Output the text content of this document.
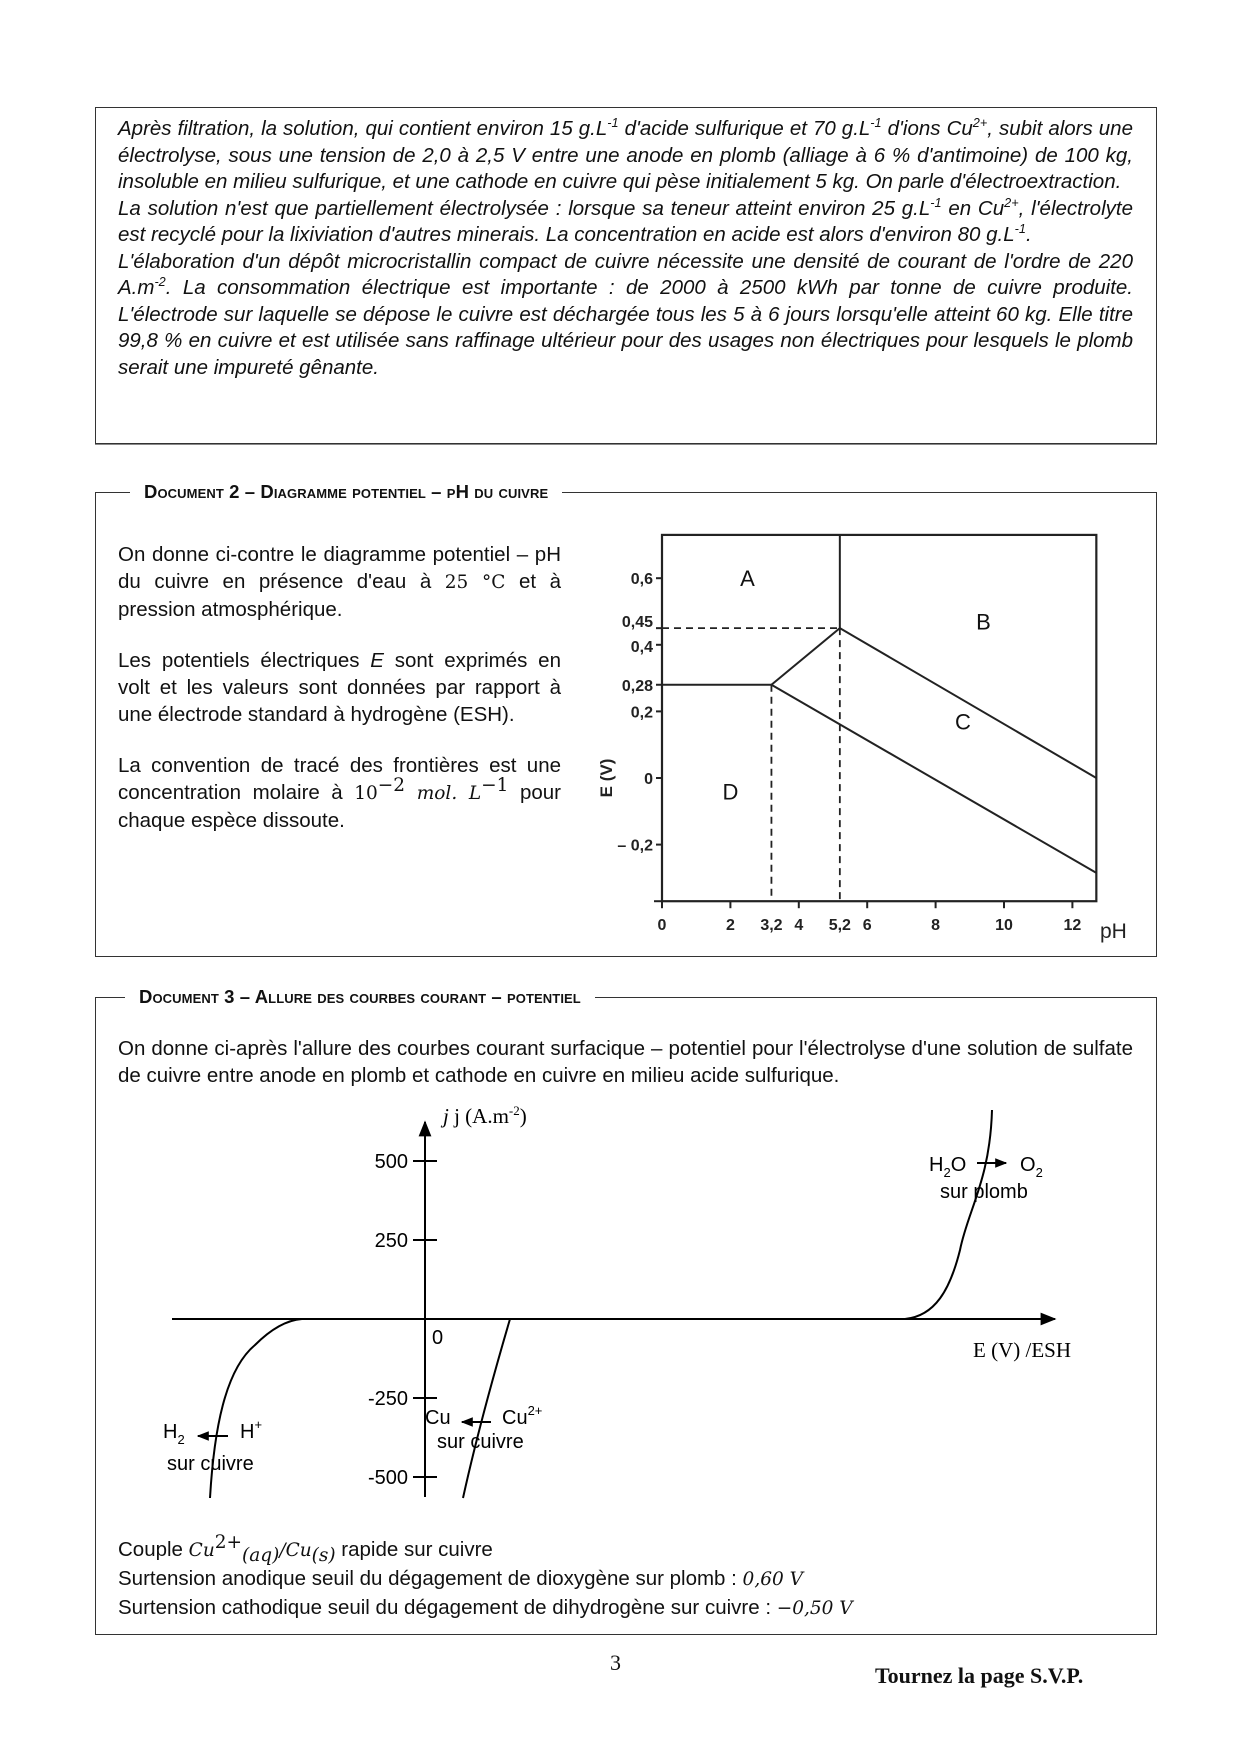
Après filtration, la solution, qui contient environ 15 $g.L^{-1}$ d'acide sulfurique et 70 $g.L^{-1}$ d'ions $Cu^{2+}$, subit alors une électrolyse, sous une tension de 2,0 à 2,5 V entre une anode en plomb (alliage à 6 % d'antimoine) de 100 kg, insoluble en milieu sulfurique, et une cathode en cuivre qui pèse initialement 5 kg. On parle d'électroextraction.

La solution n'est que partiellement électrolysée : lorsque sa teneur atteint environ 25 $g.L^{-1}$ en $Cu^{2+}$, l'électrolyte est recyclé pour la lixiviation d'autres minerais. La concentration en acide est alors d'environ 80 $g.L^{-1}$.

L'élaboration d'un dépôt microcristallin compact de cuivre nécessite une densité de courant de l'ordre de 220 $A.m^{-2}$. La consommation électrique est importante : de 2000 à 2500 kWh par tonne de cuivre produite. L'électrode sur laquelle se dépose le cuivre est déchargée tous les 5 à 6 jours lorsqu'elle atteint 60 kg. Elle titre 99,8 % en cuivre et est utilisée sans raffinage ultérieur pour des usages non électriques pour lesquels le plomb serait une impureté gênante.

Document 2 – Diagramme potentiel – pH du cuivre

On donne ci-contre le diagramme potentiel – pH du cuivre en présence d'eau à 25 °C et à pression atmosphérique.

Les potentiels électriques E sont exprimés en volt et les valeurs sont données par rapport à une électrode standard à hydrogène (ESH).

La convention de tracé des frontières est une concentration molaire à $10^{-2}$ mol. $L^{-1}$ pour chaque espèce dissoute.

0	2 3,2 4 5,2 6	8	10	12
0,6
0,45
0,4
0,28
0,2
0
– 0,2
A
B
C
D
E (V)
pH
Document 3 – Allure des courbes courant – potentiel
On donne ci-après l'allure des courbes courant surfacique – potentiel pour l'électrolyse d'une solution de sulfate de cuivre entre anode en plomb et cathode en cuivre en milieu acide sulfurique.
500
250
0
-250
-500
j j $(A.m^{-2})$
E (V) /ESH
$H_2$	H+
sur cuivre
Cu	$Cu^{2+}$
sur cuivre
$H_2O$	$O_2$
sur plomb
Couple $Cu^{2+}_{(aq)}/Cu_{(s)}$ rapide sur cuivre
Surtension anodique seuil du dégagement de dioxygène sur plomb : 0,60 V
Surtension cathodique seuil du dégagement de dihydrogène sur cuivre : −0,50 V
3
Tournez la page S.V.P.
